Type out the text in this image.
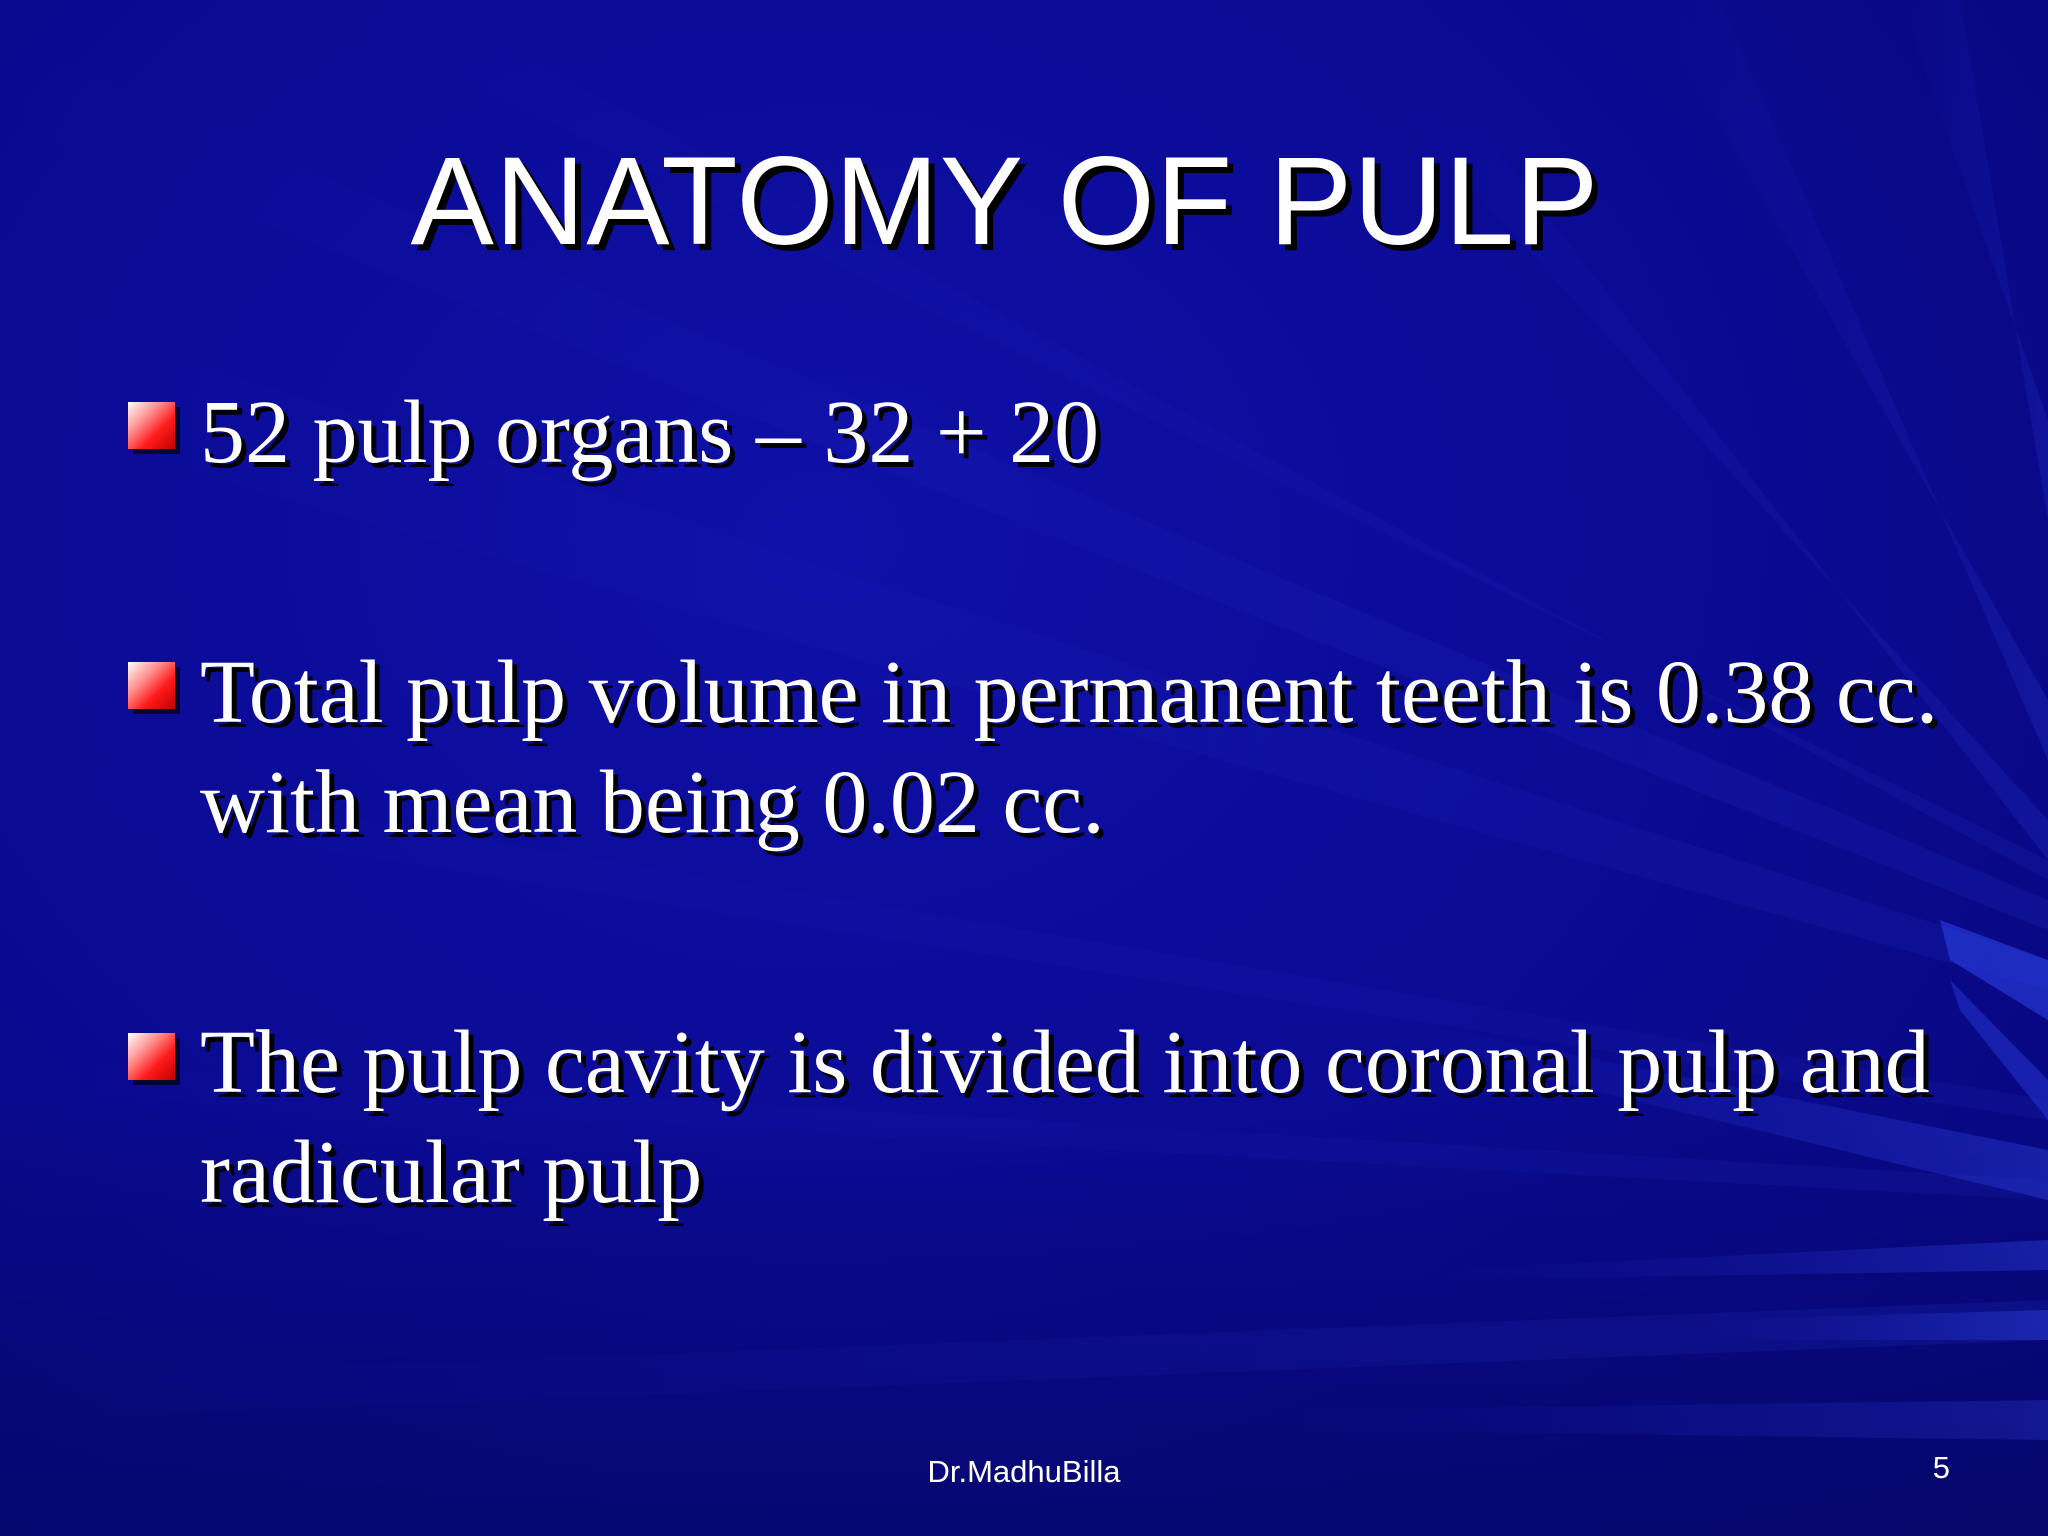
ANATOMY OF PULP
52 pulp organs – 32 + 20
Total pulp volume in permanent teeth is 0.38 cc. with mean being 0.02 cc.
The pulp cavity is divided into coronal pulp and radicular pulp
Dr.MadhuBilla	5
